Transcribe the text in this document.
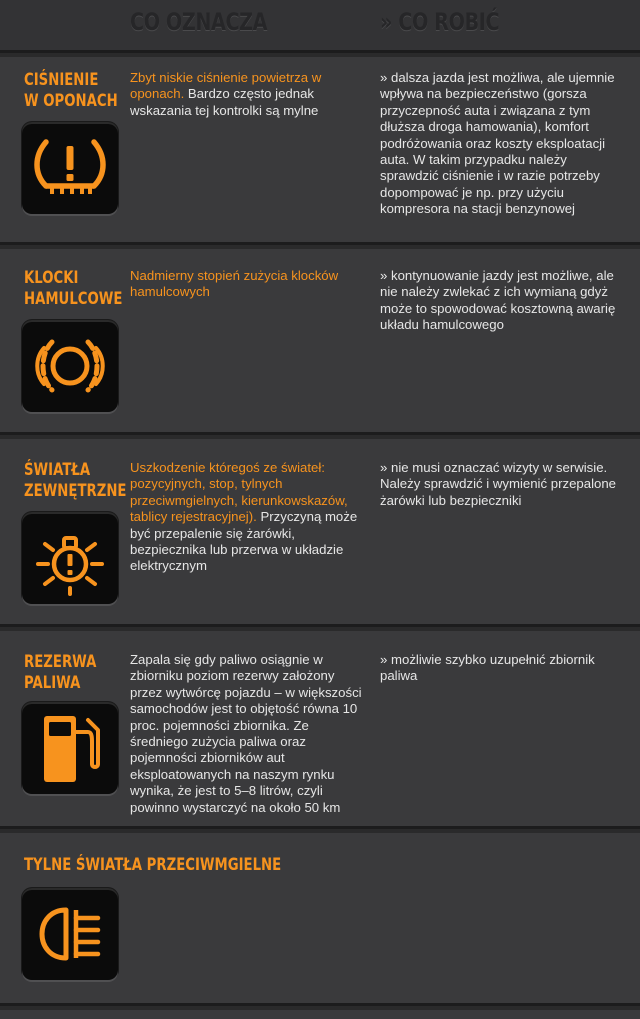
CO OZNACZA	» CO ROBIĆ
CIŚNIENIE
W OPONACH
Zbyt niskie ciśnienie powietrza w oponach. Bardzo często jednak wskazania tej kontrolki są mylne
» dalsza jazda jest możliwa, ale ujemnie wpływa na bezpieczeństwo (gorsza przyczepność auta i związana z tym dłuższa droga hamowania), komfort podróżowania oraz koszty eksploatacji auta. W takim przypadku należy sprawdzić ciśnienie i w razie potrzeby dopompować je np. przy użyciu kompresora na stacji benzynowej
KLOCKI
HAMULCOWE
Nadmierny stopień zużycia klocków hamulcowych
» kontynuowanie jazdy jest możliwe, ale nie należy zwlekać z ich wymianą gdyż może to spowodować kosztowną awarię układu hamulcowego
ŚWIATŁA
ZEWNĘTRZNE
Uszkodzenie któregoś ze świateł: pozycyjnych, stop, tylnych przeciwmgielnych, kierunkowskazów, tablicy rejestracyjnej). Przyczyną może być przepalenie się żarówki, bezpiecznika lub przerwa w układzie elektrycznym
» nie musi oznaczać wizyty w serwisie. Należy sprawdzić i wymienić przepalone żarówki lub bezpieczniki
REZERWA
PALIWA
Zapala się gdy paliwo osiągnie w zbiorniku poziom rezerwy założony przez wytwórcę pojazdu – w większości samochodów jest to objętość równa 10 proc. pojemności zbiornika. Ze średniego zużycia paliwa oraz pojemności zbiorników aut eksploatowanych na naszym rynku wynika, że jest to 5–8 litrów, czyli powinno wystarczyć na około 50 km
» możliwie szybko uzupełnić zbiornik paliwa
TYLNE ŚWIATŁA PRZECIWMGIELNE
